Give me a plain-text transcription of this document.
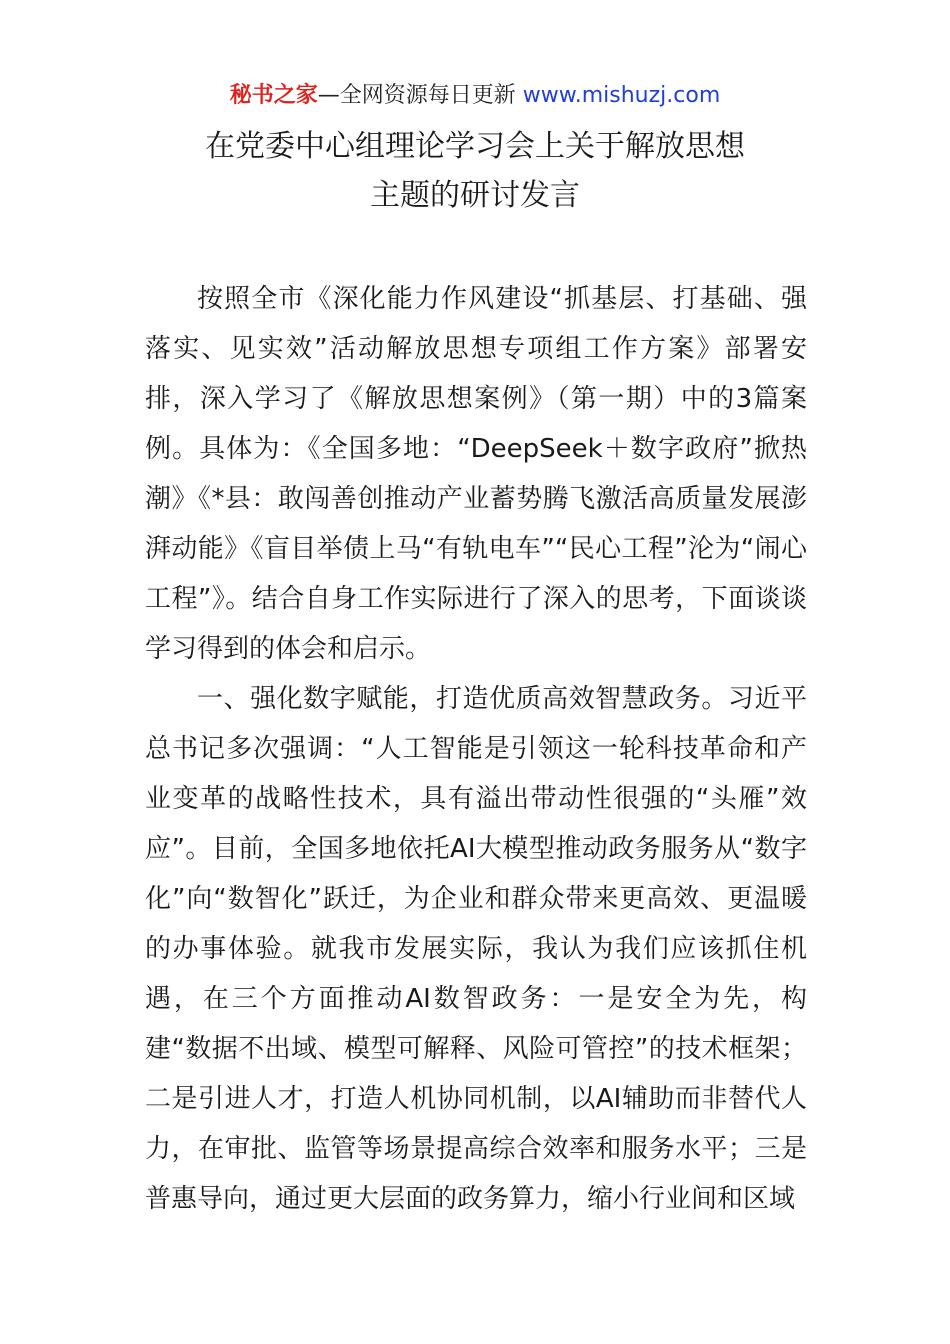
秘书之家—全网资源每日更新 www.mishuzj.com
在党委中心组理论学习会上关于解放思想
主题的研讨发言

按照全市《深化能力作风建设“抓基层、打基础、强落实、见实效”活动解放思想专项组工作方案》部署安排，深入学习了《解放思想案例》（第一期）中的3篇案例。具体为：《全国多地：“DeepSeek＋数字政府”掀热潮》《*县：敢闯善创推动产业蓄势腾飞激活高质量发展澎湃动能》《盲目举债上马“有轨电车”“民心工程”沦为“闹心工程”》。结合自身工作实际进行了深入的思考，下面谈谈学习得到的体会和启示。

一、强化数字赋能，打造优质高效智慧政务。习近平总书记多次强调：“人工智能是引领这一轮科技革命和产业变革的战略性技术，具有溢出带动性很强的“头雁”效应”。目前，全国多地依托AI大模型推动政务服务从“数字化”向“数智化”跃迁，为企业和群众带来更高效、更温暖的办事体验。就我市发展实际，我认为我们应该抓住机遇，在三个方面推动AI数智政务：一是安全为先，构建“数据不出域、模型可解释、风险可管控”的技术框架；二是引进人才，打造人机协同机制，以AI辅助而非替代人力，在审批、监管等场景提高综合效率和服务水平；三是普惠导向，通过更大层面的政务算力，缩小行业间和区域
